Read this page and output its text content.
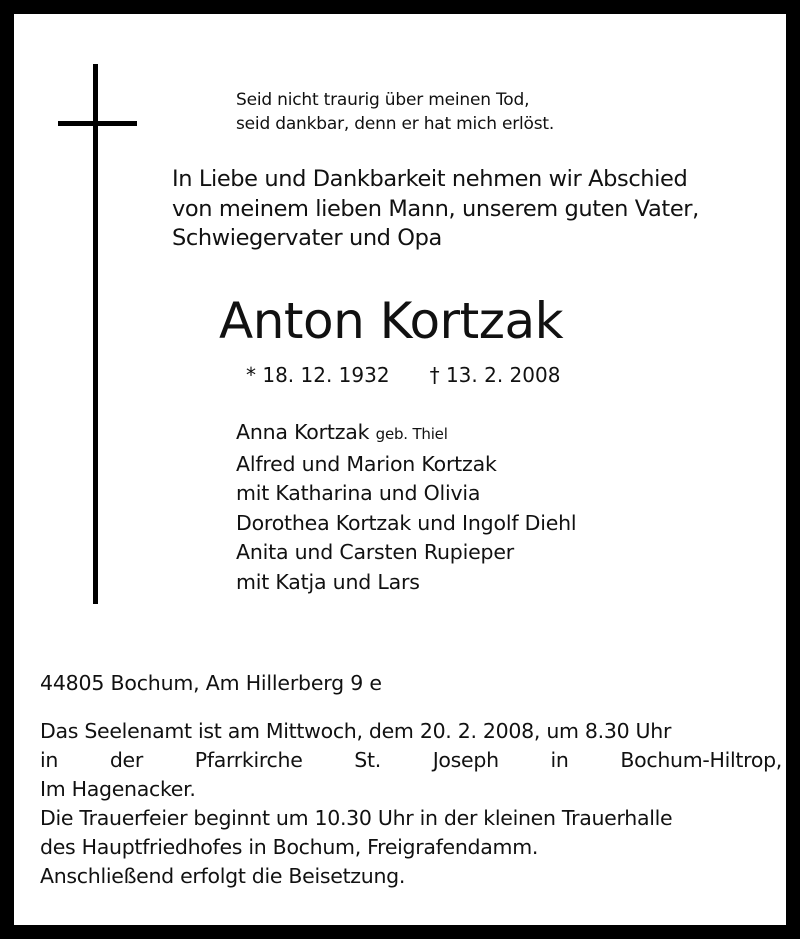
Seid nicht traurig über meinen Tod,
seid dankbar, denn er hat mich erlöst.
In Liebe und Dankbarkeit nehmen wir Abschied
von meinem lieben Mann, unserem guten Vater,
Schwiegervater und Opa
Anton Kortzak
* 18. 12. 1932 † 13. 2. 2008
Anna Kortzak geb. Thiel
Alfred und Marion Kortzak
mit Katharina und Olivia
Dorothea Kortzak und Ingolf Diehl
Anita und Carsten Rupieper
mit Katja und Lars
44805 Bochum, Am Hillerberg 9 e
Das Seelenamt ist am Mittwoch, dem 20. 2. 2008, um 8.30 Uhr
in der Pfarrkirche St. Joseph in Bochum-Hiltrop,
Im Hagenacker.
Die Trauerfeier beginnt um 10.30 Uhr in der kleinen Trauerhalle
des Hauptfriedhofes in Bochum, Freigrafendamm.
Anschließend erfolgt die Beisetzung.
